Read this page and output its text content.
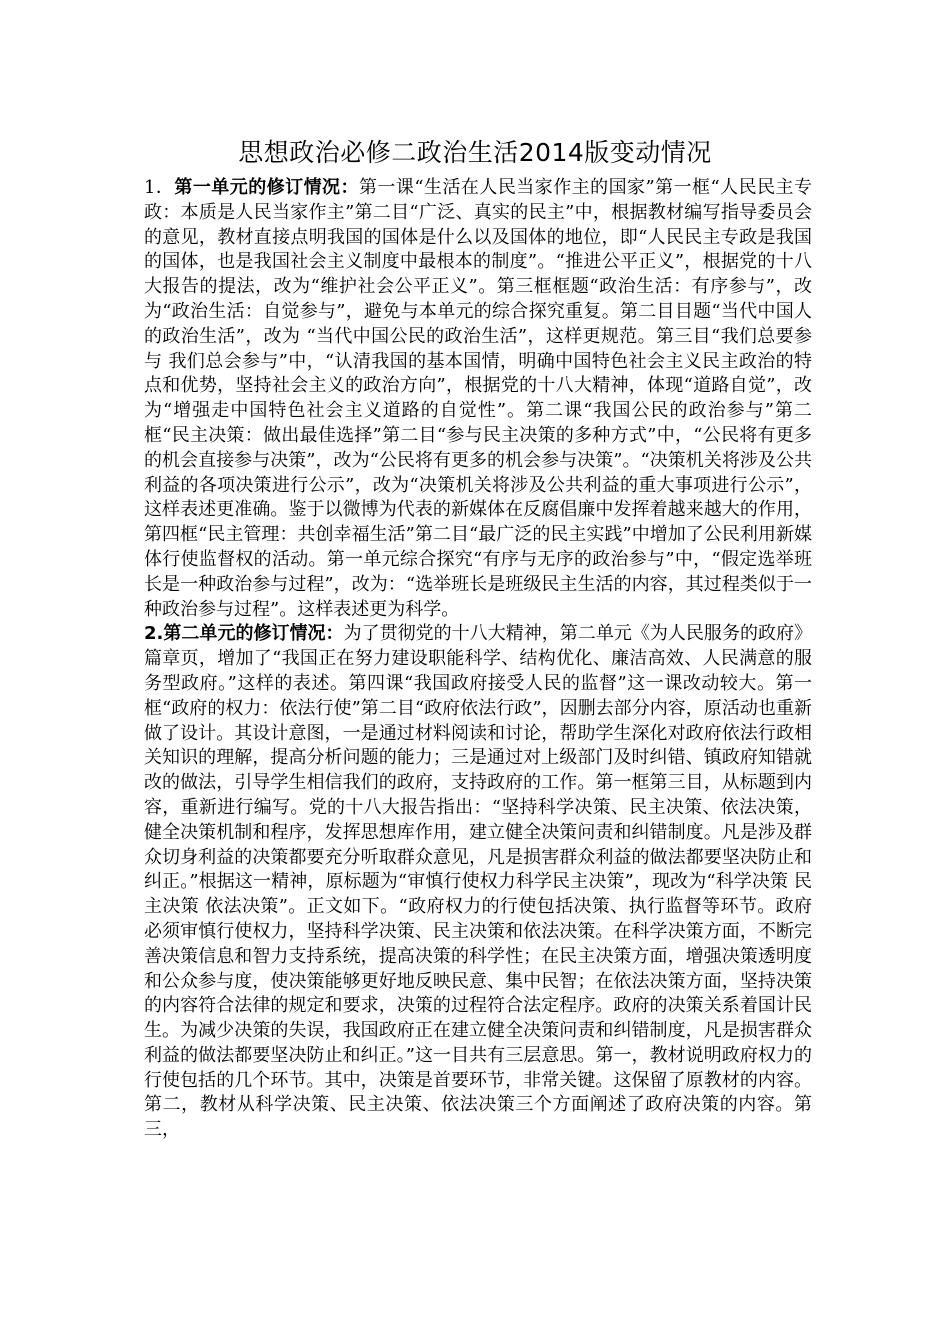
思想政治必修二政治生活2014版变动情况

1．第一单元的修订情况：第一课“生活在人民当家作主的国家”第一框“人民民主专政：本质是人民当家作主”第二目“广泛、真实的民主”中，根据教材编写指导委员会的意见，教材直接点明我国的国体是什么以及国体的地位，即“人民民主专政是我国的国体，也是我国社会主义制度中最根本的制度”。“推进公平正义”，根据党的十八大报告的提法，改为“维护社会公平正义”。第三框框题“政治生活：有序参与”，改为“政治生活：自觉参与”，避免与本单元的综合探究重复。第二目目题“当代中国人的政治生活”，改为 “当代中国公民的政治生活”，这样更规范。第三目“我们总要参与 我们总会参与”中，“认清我国的基本国情，明确中国特色社会主义民主政治的特点和优势，坚持社会主义的政治方向”，根据党的十八大精神，体现“道路自觉”，改为“增强走中国特色社会主义道路的自觉性”。第二课“我国公民的政治参与”第二框“民主决策：做出最佳选择”第二目“参与民主决策的多种方式”中，“公民将有更多的机会直接参与决策”，改为“公民将有更多的机会参与决策”。“决策机关将涉及公共利益的各项决策进行公示”，改为“决策机关将涉及公共利益的重大事项进行公示”，这样表述更准确。鉴于以微博为代表的新媒体在反腐倡廉中发挥着越来越大的作用，第四框“民主管理：共创幸福生活”第二目“最广泛的民主实践”中增加了公民利用新媒体行使监督权的活动。第一单元综合探究“有序与无序的政治参与”中，“假定选举班长是一种政治参与过程”，改为：“选举班长是班级民主生活的内容，其过程类似于一种政治参与过程”。这样表述更为科学。

2.第二单元的修订情况：为了贯彻党的十八大精神，第二单元《为人民服务的政府》篇章页，增加了“我国正在努力建设职能科学、结构优化、廉洁高效、人民满意的服务型政府。”这样的表述。第四课“我国政府接受人民的监督”这一课改动较大。第一框“政府的权力：依法行使”第二目“政府依法行政”，因删去部分内容，原活动也重新做了设计。其设计意图，一是通过材料阅读和讨论，帮助学生深化对政府依法行政相关知识的理解，提高分析问题的能力；三是通过对上级部门及时纠错、镇政府知错就改的做法，引导学生相信我们的政府，支持政府的工作。第一框第三目，从标题到内容，重新进行编写。党的十八大报告指出：“坚持科学决策、民主决策、依法决策，健全决策机制和程序，发挥思想库作用，建立健全决策问责和纠错制度。凡是涉及群众切身利益的决策都要充分听取群众意见，凡是损害群众利益的做法都要坚决防止和纠正。”根据这一精神，原标题为“审慎行使权力科学民主决策”，现改为“科学决策 民主决策 依法决策”。正文如下。“政府权力的行使包括决策、执行监督等环节。政府必须审慎行使权力，坚持科学决策、民主决策和依法决策。在科学决策方面，不断完善决策信息和智力支持系统，提高决策的科学性；在民主决策方面，增强决策透明度和公众参与度，使决策能够更好地反映民意、集中民智；在依法决策方面，坚持决策的内容符合法律的规定和要求，决策的过程符合法定程序。政府的决策关系着国计民生。为减少决策的失误，我国政府正在建立健全决策问责和纠错制度，凡是损害群众利益的做法都要坚决防止和纠正。”这一目共有三层意思。第一，教材说明政府权力的行使包括的几个环节。其中，决策是首要环节，非常关键。这保留了原教材的内容。第二，教材从科学决策、民主决策、依法决策三个方面阐述了政府决策的内容。第三，
